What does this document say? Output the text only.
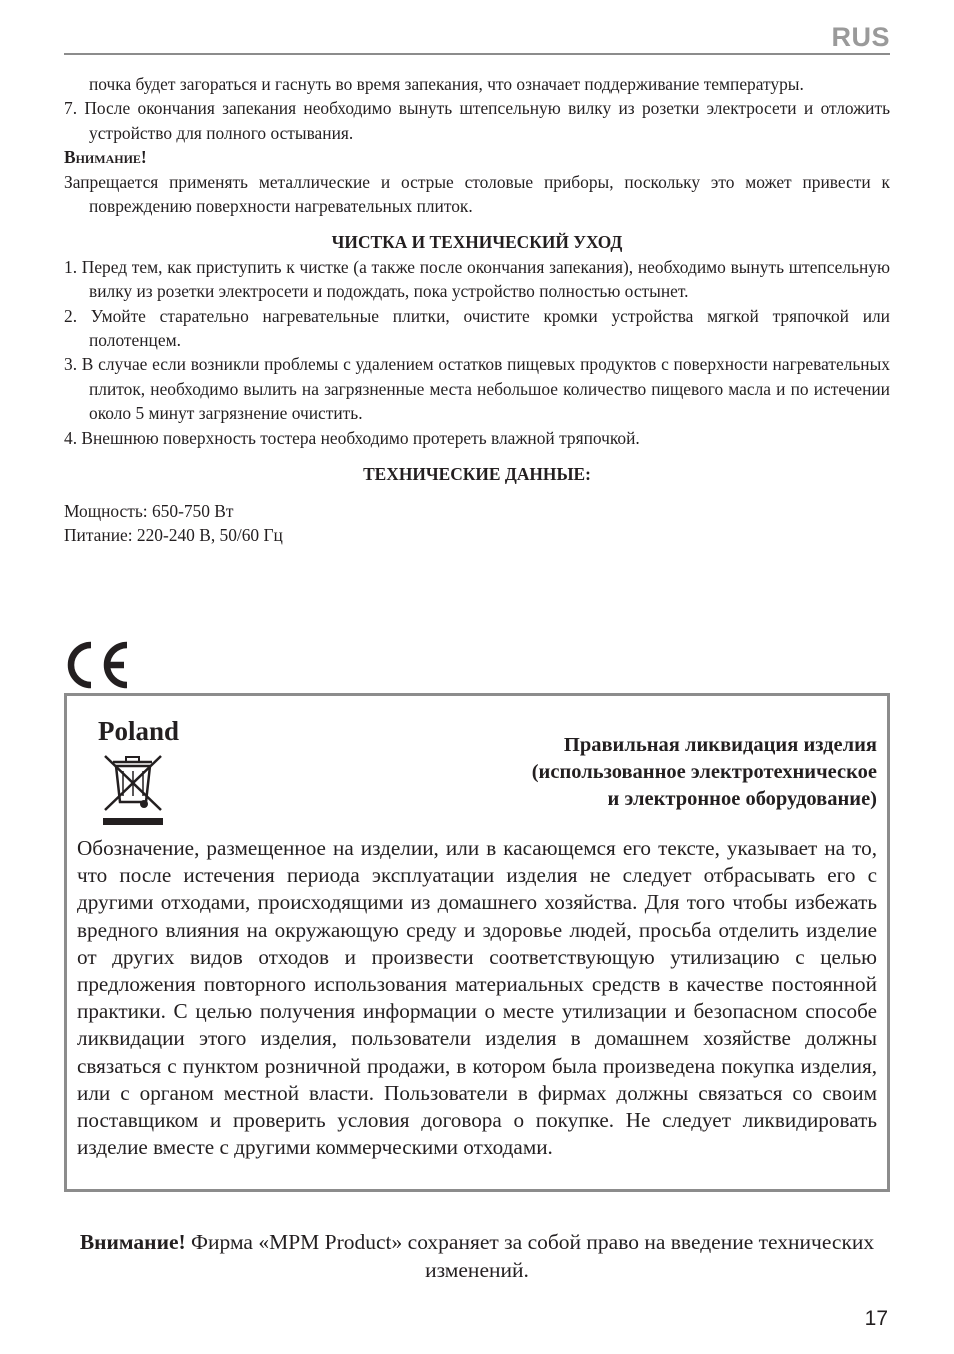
RUS

почка будет загораться и гаснуть во время запекания, что означает поддерживание температуры.

7. После окончания запекания необходимо вынуть штепсельную вилку из розетки электросети и отложить устройство для полного остывания.

Внимание!

Запрещается применять металлические и острые столовые приборы, поскольку это может привести к повреждению поверхности нагревательных плиток.

ЧИСТКА И ТЕХНИЧЕСКИЙ УХОД

1. Перед тем, как приступить к чистке (а также после окончания запекания), необходимо вынуть штепсельную вилку из розетки электросети и подождать, пока устройство полностью остынет.

2. Умойте старательно нагревательные плитки, очистите кромки устройства мягкой тряпочкой или полотенцем.

3. В случае если возникли проблемы с удалением остатков пищевых продуктов с поверхности нагревательных плиток, необходимо вылить на загрязненные места небольшое количество пищевого масла и по истечении около 5 минут загрязнение очистить.

4. Внешнюю поверхность тостера необходимо протереть влажной тряпочкой.

ТЕХНИЧЕСКИЕ ДАННЫЕ:

Мощность: 650-750 Вт

Питание: 220-240 В, 50/60 Гц

Poland	Правильная ликвидация изделия
(использованное электротехническое
и электронное оборудование)
Обозначение, размещенное на изделии, или в касающемся его тексте, указывает на то, что после истечения периода эксплуатации изделия не следует отбрасывать его с другими отходами, происходящими из домашнего хозяйства. Для того чтобы избежать вредного влияния на окружающую среду и здоровье людей, просьба отделить изделие от других видов отходов и произвести соответствующую утилизацию с целью предложения повторного использования материальных средств в качестве постоянной практики. С целью получения информации о месте утилизации и безопасном способе ликвидации этого изделия, пользователи изделия в домашнем хозяйстве должны связаться с пунктом розничной продажи, в котором была произведена покупка изделия, или с органом местной власти. Пользователи в фирмах должны связаться со своим поставщиком и проверить условия договора о покупке. Не следует ликвидировать изделие вместе с другими коммерческими отходами.
Внимание! Фирма «MPM Product» сохраняет за собой право на введение технических изменений.
17
